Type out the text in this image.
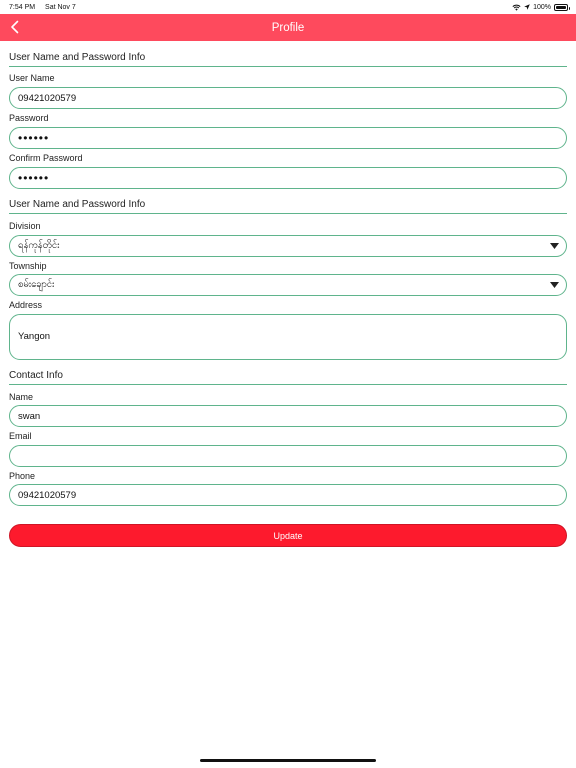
7:54 PM Sat Nov 7	100%
Profile
User Name and Password Info
User Name
09421020579
Password
••••••
Confirm Password
••••••
User Name and Password Info
Division
ရန်ကုန်တိုင်း
Township
စမ်းချောင်း
Address
Yangon
Contact Info
Name
swan
Email
Phone
09421020579
Update
